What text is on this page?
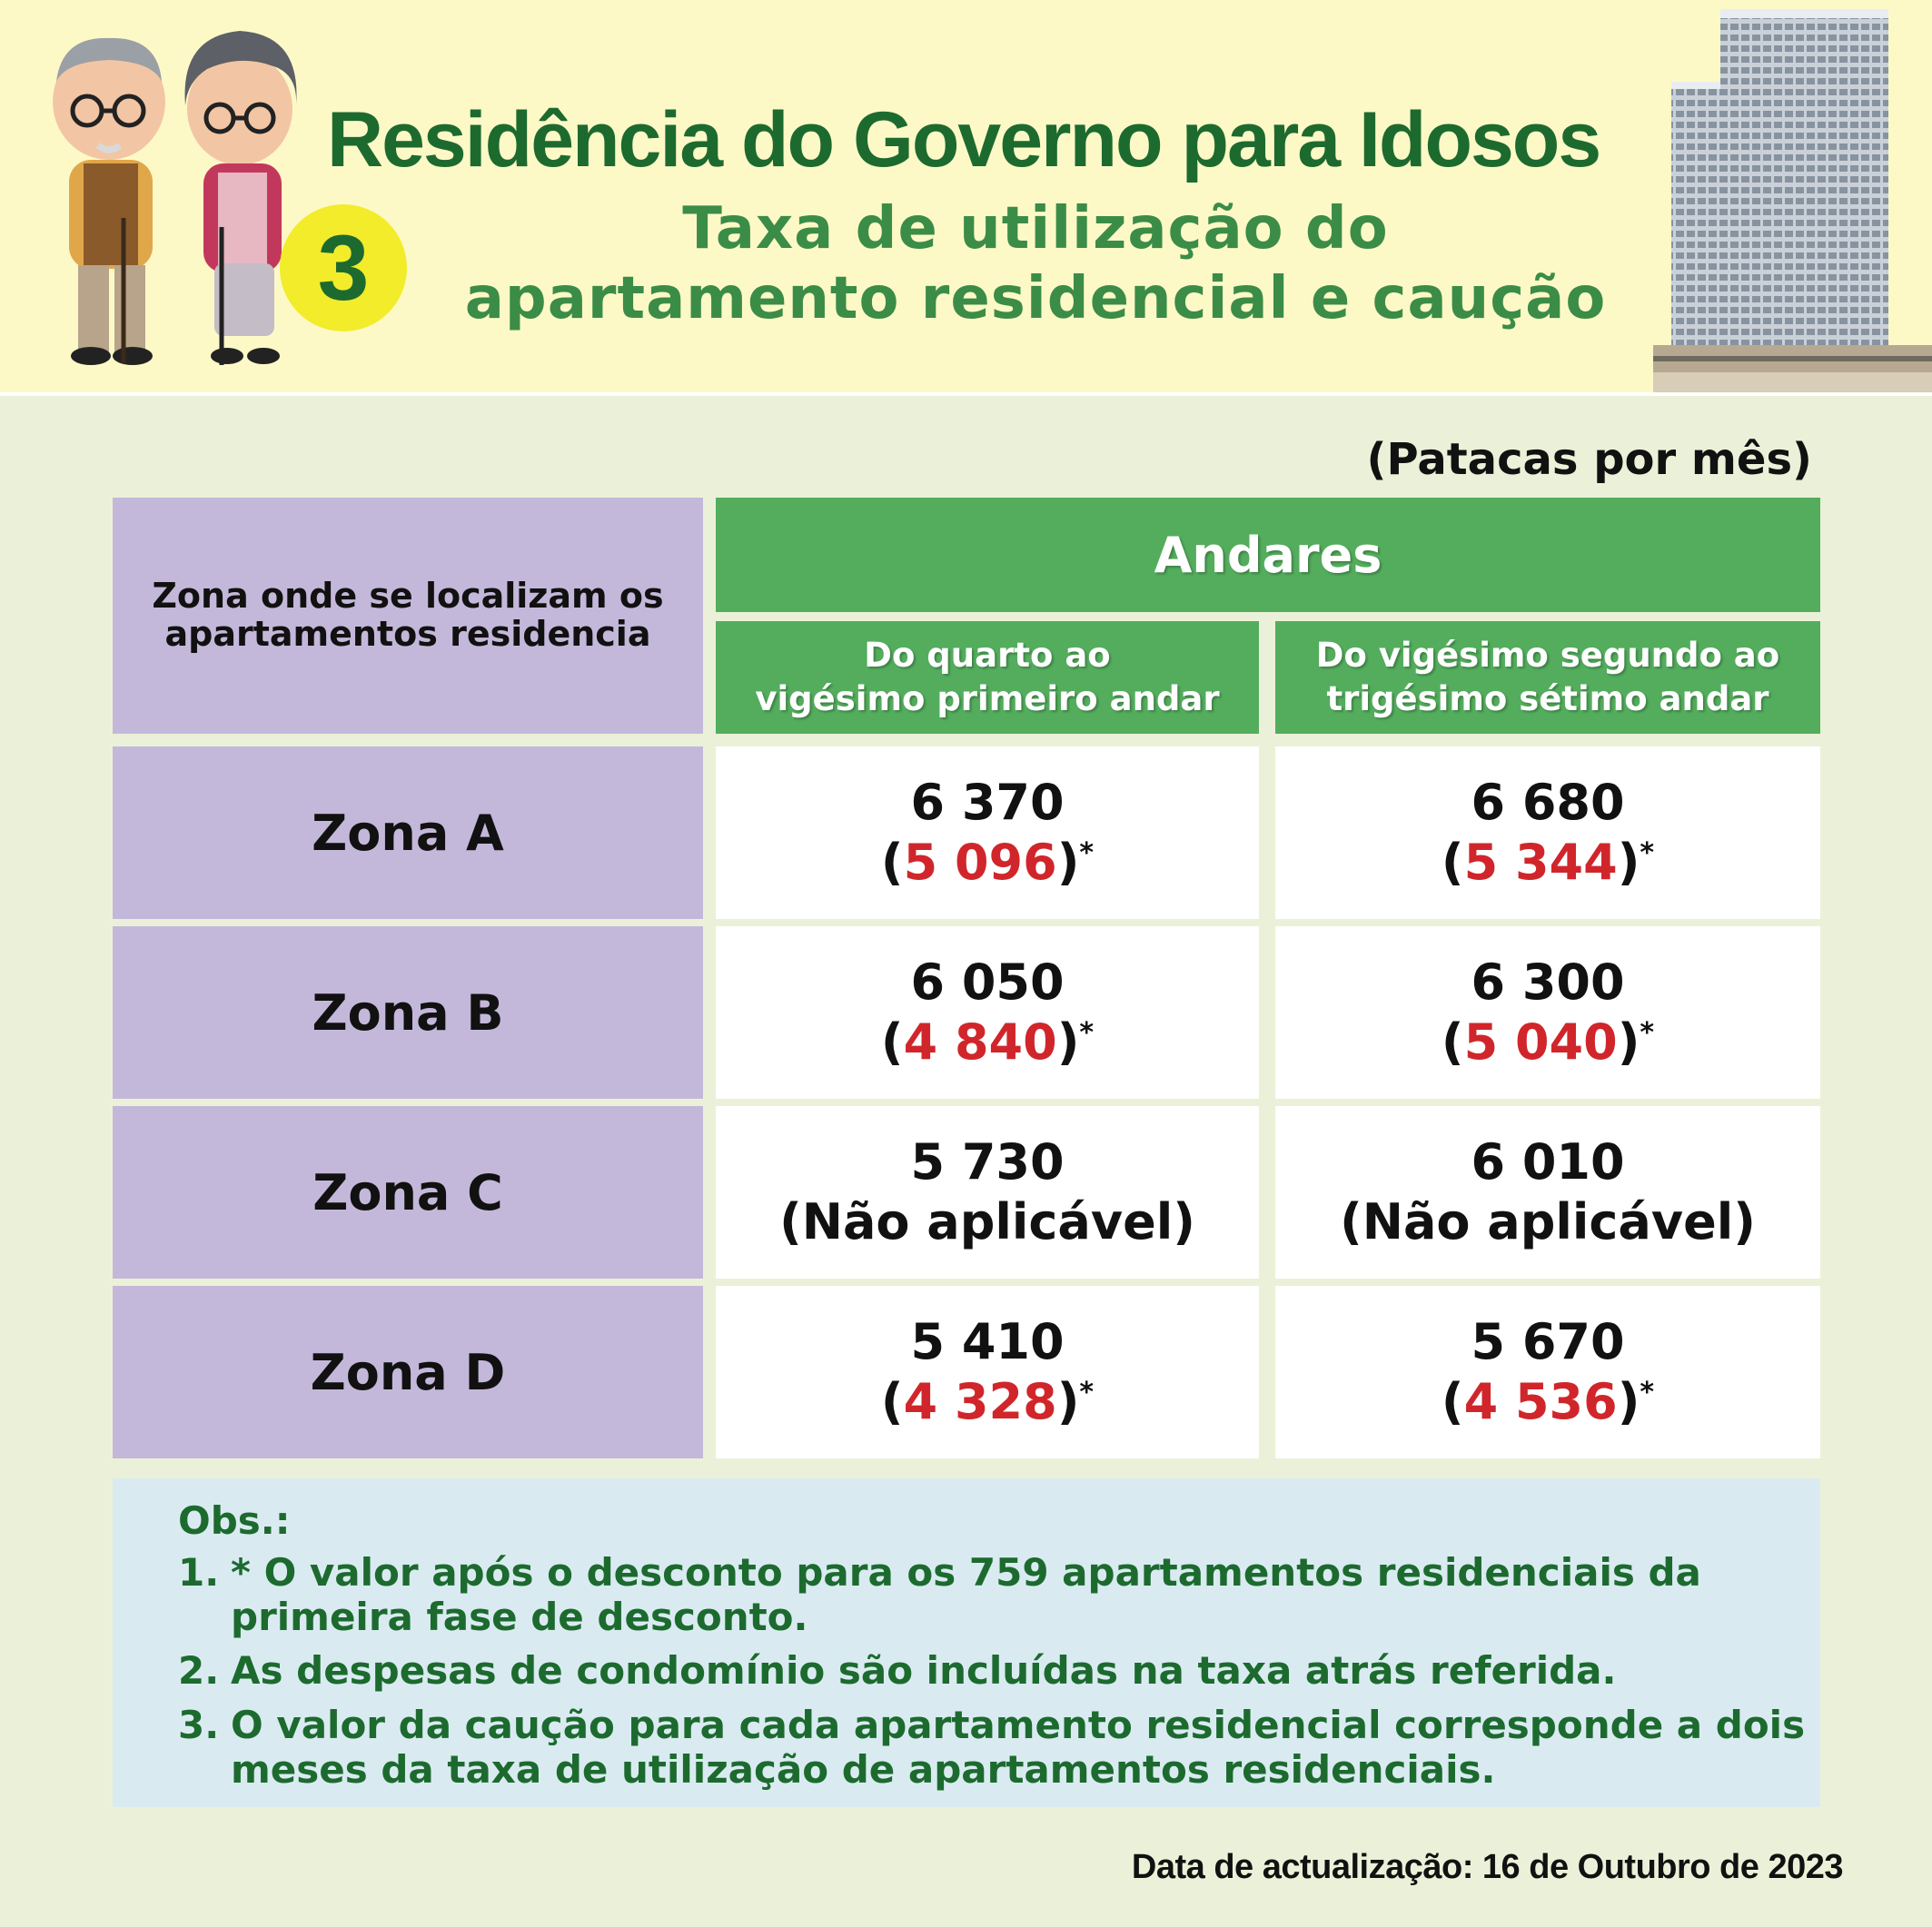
Residência do Governo para Idosos
3	Taxa de utilização do
apartamento residencial e caução
(Patacas por mês)
Zona onde se localizam os
apartamentos residencia
Andares
Do quarto ao
vigésimo primeiro andar
Do vigésimo segundo ao
trigésimo sétimo andar
Zona A
6 370
(5 096)*
6 680
(5 344)*
Zona B
6 050
(4 840)*
6 300
(5 040)*
Zona C
5 730
(Não aplicável)
6 010
(Não aplicável)
Zona D
5 410
(4 328)*
5 670
(4 536)*
Obs.:
1. * O valor após o desconto para os 759 apartamentos residenciais da primeira fase de desconto.
2. As despesas de condomínio são incluídas na taxa atrás referida.
3. O valor da caução para cada apartamento residencial corresponde a dois meses da taxa de utilização de apartamentos residenciais.
Data de actualização: 16 de Outubro de 2023
